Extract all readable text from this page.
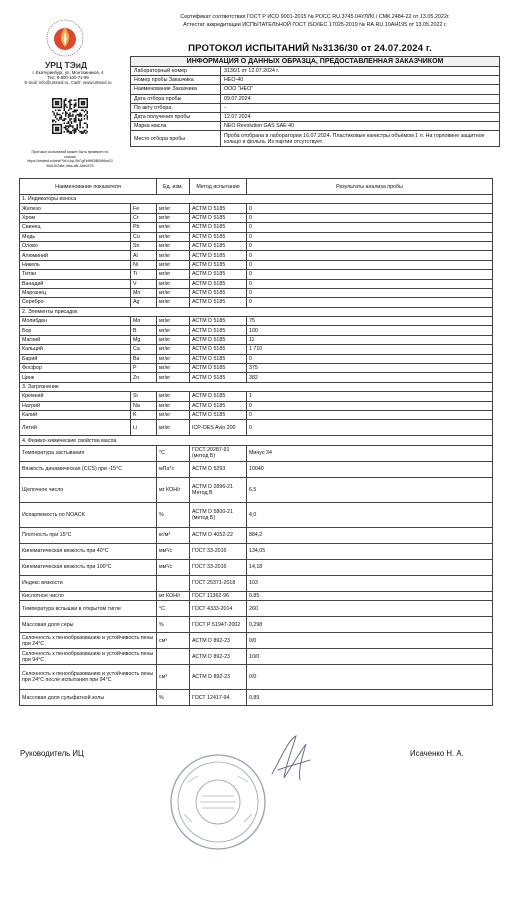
УРЦ ТЭиД
г. Екатеринбург, ул. Монтажников, 4
Тел: 8-800-100-71-99
E-mail: info@urtsted.ru, Сайт: www.urtsted.ru
Протокол испытаний может быть проверен по
ссылке
https://urtsted.ru/test/?id=UqLXhCgFbWtl3iB0M6mA3
B4lt-5Cb8e-4fca-afk-48ec576
Сертификат соответствия ГОСТ Р ИСО 9001-2015 № РОСС RU.3745.04УЛЛ0 / СМК.2484-22 от 13.05.2022г.
Аттестат аккредитации ИСПЫТАТЕЛЬНОЙ ГОСТ ISO/IEC 17025-2019 № RA.RU.10АН195 от 13.05.2022 г.
ПРОТОКОЛ ИСПЫТАНИЙ №3136/30 от 24.07.2024 г.
ИНФОРМАЦИЯ О ДАННЫХ ОБРАЗЦА, ПРЕДОСТАВЛЕННАЯ ЗАКАЗЧИКОМ
Лабораторный номер	3136/1 от 12.07.2024 г.
Номер пробы Заказчика	НЕО-40
Наименование Заказчика	ООО "НЕО"
Дата отбора пробы	09.07.2024
По акту отбора	-
Дата получения пробы	12.07.2024
Марка масла	NEO Revolution GAS SAE 40
Место отбора пробы	Проба отобрана в лаборатории 16.07.2024. Пластиковые канистры объёмом 1 л. На горловине защитное кольцо и фольга. Из партии отсутствует.
Наименование показателя		Ед. изм.	Метод испытания	Результаты анализа пробы
1. Индикаторы износа				
Железо	Fe	мг/кг	АСТМ D 5185	0
Хром	Cr	мг/кг	АСТМ D 5185	0
Свинец	Pb	мг/кг	АСТМ D 5185	0
Медь	Cu	мг/кг	АСТМ D 5185	0
Олово	Sn	мг/кг	АСТМ D 5185	0
Алюминий	Al	мг/кг	АСТМ D 5185	0
Никель	Ni	мг/кг	АСТМ D 5185	0
Титан	Ti	мг/кг	АСТМ D 5185	0
Ванадий	V	мг/кг	АСТМ D 5185	0
Марганец	Mn	мг/кг	АСТМ D 5185	0
Серебро	Ag	мг/кг	АСТМ D 5185	0
2. Элементы присадок				
Молибден	Mo	мг/кг	АСТМ D 5185	75
Бор	B	мг/кг	АСТМ D 5185	100
Магний	Mg	мг/кг	АСТМ D 5185	11
Кальций	Ca	мг/кг	АСТМ D 5185	1 710
Барий	Ba	мг/кг	АСТМ D 5185	0
Фосфор	P	мг/кг	АСТМ D 5185	375
Цинк	Zn	мг/кг	АСТМ D 5185	382
3. Загрязнение				
Кремний	Si	мг/кг	АСТМ D 5185	1
Натрий	Na	мг/кг	АСТМ D 5185	0
Калий	K	мг/кг	АСТМ D 5185	0
Литий	Li	мг/кг	ICP-OES Avio 200	0
4. Физико-химические свойства масла				
Температура застывания		°С	ГОСТ 20287-91 (метод Б)	Минус 34
Вязкость динамическая (CCS) при -15°C		мПа*с	АСТМ D 5293	10040
Щелочное число		мг КОН/г	АСТМ D 2896-21 Метод В	6,5
Испаряемость по NOACK		%	АСТМ D 5800-21 (метод Б)	4,0
Плотность при 15°С		кг/м³	АСТМ D 4052-22	884,2
Кинематическая вязкость при 40°С		мм²/с	ГОСТ 33-2016	134,05
Кинематическая вязкость при 100°С		мм²/с	ГОСТ 33-2016	14,18
Индекс вязкости			ГОСТ 25371-2018	103
Кислотное число		мг КОН/г	ГОСТ 11362-96	0,85
Температура вспышки в открытом тигле		°С	ГОСТ 4333-2014	260
Массовая доля серы		%	ГОСТ Р 51947-2002	0,298
Склонность к пенообразованию и устойчивость пены при 24°С		см³	АСТМ D 892-23	0/0
Склонность к пенообразованию и устойчивость пены при 94°С			АСТМ D 892-23	10/0
Склонность к пенообразованию и устойчивость пены при 24°С после испытания при 94°С		см³	АСТМ D 892-23	0/0
Массовая доля сульфатной золы		%	ГОСТ 12417-94	0,89
Руководитель ИЦ	Исаченко Н. А.
